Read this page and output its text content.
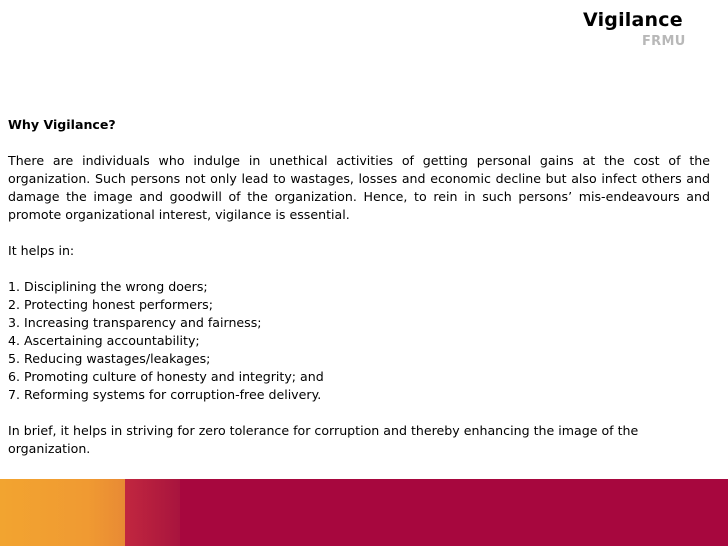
Vigilance
FRMU

Why Vigilance?

There are individuals who indulge in unethical activities of getting personal gains at the cost of the organization. Such persons not only lead to wastages, losses and economic decline but also infect others and damage the image and goodwill of the organization. Hence, to rein in such persons’ mis-endeavours and promote organizational interest, vigilance is essential.

It helps in:

1. Disciplining the wrong doers;
2. Protecting honest performers;
3. Increasing transparency and fairness;
4. Ascertaining accountability;
5. Reducing wastages/leakages;
6. Promoting culture of honesty and integrity; and
7. Reforming systems for corruption-free delivery.

In brief, it helps in striving for zero tolerance for corruption and thereby enhancing the image of the organization.
